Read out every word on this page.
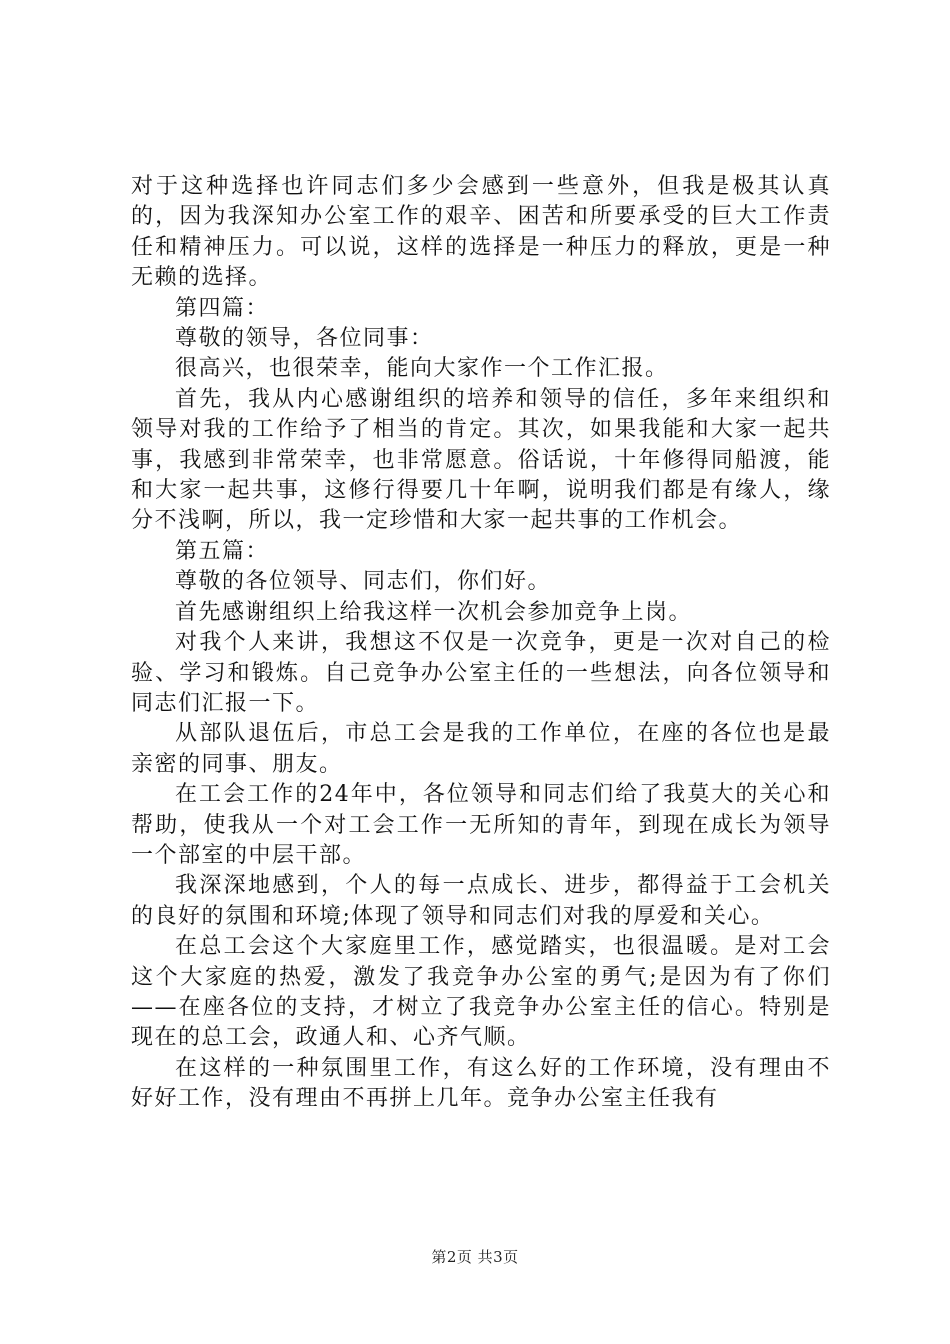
对于这种选择也许同志们多少会感到一些意外，但我是极其认真的，因为我深知办公室工作的艰辛、困苦和所要承受的巨大工作责任和精神压力。可以说，这样的选择是一种压力的释放，更是一种无赖的选择。

第四篇：

尊敬的领导，各位同事：

很高兴，也很荣幸，能向大家作一个工作汇报。

首先，我从内心感谢组织的培养和领导的信任，多年来组织和领导对我的工作给予了相当的肯定。其次，如果我能和大家一起共事，我感到非常荣幸，也非常愿意。俗话说，十年修得同船渡，能和大家一起共事，这修行得要几十年啊，说明我们都是有缘人，缘分不浅啊，所以，我一定珍惜和大家一起共事的工作机会。

第五篇：

尊敬的各位领导、同志们，你们好。

首先感谢组织上给我这样一次机会参加竞争上岗。

对我个人来讲，我想这不仅是一次竞争，更是一次对自己的检验、学习和锻炼。自己竞争办公室主任的一些想法，向各位领导和同志们汇报一下。

从部队退伍后，市总工会是我的工作单位，在座的各位也是最亲密的同事、朋友。

在工会工作的24年中，各位领导和同志们给了我莫大的关心和帮助，使我从一个对工会工作一无所知的青年，到现在成长为领导一个部室的中层干部。

我深深地感到，个人的每一点成长、进步，都得益于工会机关的良好的氛围和环境;体现了领导和同志们对我的厚爱和关心。

在总工会这个大家庭里工作，感觉踏实，也很温暖。是对工会这个大家庭的热爱，激发了我竞争办公室的勇气;是因为有了你们——在座各位的支持，才树立了我竞争办公室主任的信心。特别是现在的总工会，政通人和、心齐气顺。

在这样的一种氛围里工作，有这么好的工作环境，没有理由不好好工作，没有理由不再拼上几年。竞争办公室主任我有

第2页 共3页
